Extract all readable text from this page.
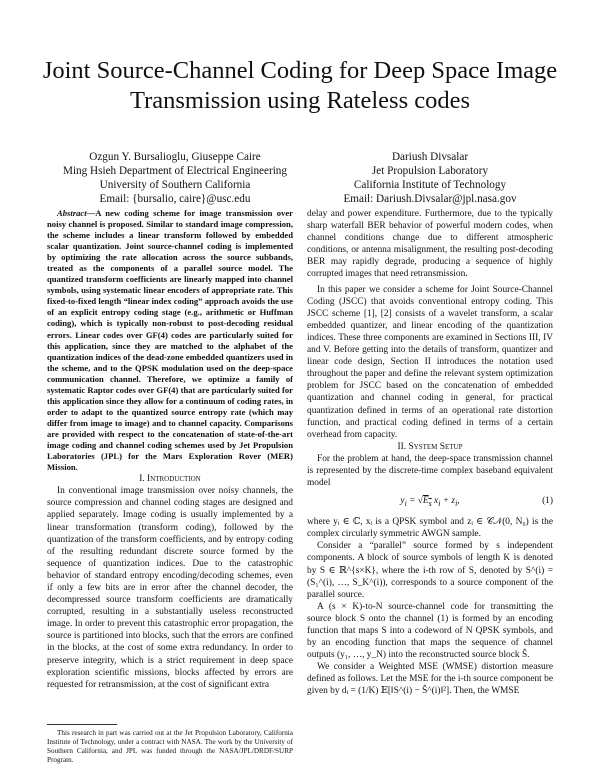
Joint Source-Channel Coding for Deep Space Image Transmission using Rateless codes
Ozgun Y. Bursalioglu, Giuseppe Caire
Ming Hsieh Department of Electrical Engineering
University of Southern California
Email: {bursalio, caire}@usc.edu
Dariush Divsalar
Jet Propulsion Laboratory
California Institute of Technology
Email: Dariush.Divsalar@jpl.nasa.gov

Abstract—A new coding scheme for image transmission over noisy channel is proposed. Similar to standard image compression, the scheme includes a linear transform followed by embedded scalar quantization. Joint source-channel coding is implemented by optimizing the rate allocation across the source subbands, treated as the components of a parallel source model. The quantized transform coefficients are linearly mapped into channel symbols, using systematic linear encoders of appropriate rate. This fixed-to-fixed length “linear index coding” approach avoids the use of an explicit entropy coding stage (e.g., arithmetic or Huffman coding), which is typically non-robust to post-decoding residual errors. Linear codes over GF(4) codes are particularly suited for this application, since they are matched to the alphabet of the quantization indices of the dead-zone embedded quantizers used in the scheme, and to the QPSK modulation used on the deep-space communication channel. Therefore, we optimize a family of systematic Raptor codes over GF(4) that are particularly suited for this application since they allow for a continuum of coding rates, in order to adapt to the quantized source entropy rate (which may differ from image to image) and to channel capacity. Comparisons are provided with respect to the concatenation of state-of-the-art image coding and channel coding schemes used by Jet Propulsion Laboratories (JPL) for the Mars Exploration Rover (MER) Mission.

I. Introduction

In conventional image transmission over noisy channels, the source compression and channel coding stages are designed and applied separately. Image coding is usually implemented by a linear transformation (transform coding), followed by the quantization of the transform coefficients, and by entropy coding of the resulting redundant discrete source formed by the sequence of quantization indices. Due to the catastrophic behavior of standard entropy encoding/decoding schemes, even if only a few bits are in error after the channel decoder, the decompressed source transform coefficients are dramatically corrupted, resulting in a substantially useless reconstructed image. In order to prevent this catastrophic error propagation, the source is partitioned into blocks, such that the errors are confined in the blocks, at the cost of some extra redundancy. In order to preserve integrity, which is a strict requirement in deep space exploration scientific missions, blocks affected by errors are requested for retransmission, at the cost of significant extra

delay and power expenditure. Furthermore, due to the typically sharp waterfall BER behavior of powerful modern codes, when channel conditions change due to different atmospheric conditions, or antenna misalignment, the resulting post-decoding BER may rapidly degrade, producing a sequence of highly corrupted images that need retransmission.

In this paper we consider a scheme for Joint Source-Channel Coding (JSCC) that avoids conventional entropy coding. This JSCC scheme [1], [2] consists of a wavelet transform, a scalar embedded quantizer, and linear encoding of the quantization indices. These three components are examined in Sections III, IV and V. Before getting into the details of transform, quantizer and linear code design, Section II introduces the notation used throughout the paper and define the relevant system optimization problem for JSCC based on the concatenation of embedded quantization and channel coding in general, for practical quantization defined in terms of an operational rate distortion function, and practical coding defined in terms of a certain overhead from capacity.

II. System Setup

For the problem at hand, the deep-space transmission channel is represented by the discrete-time complex baseband equivalent model

$y_i = √E_s$ $x_i + z_i$,	(1)

where yᵢ ∈ ℂ, xᵢ is a QPSK symbol and zᵢ ∈ 𝒞𝒩(0, N₀) is the complex circularly symmetric AWGN sample.

Consider a “parallel” source formed by s independent components. A block of source symbols of length K is denoted by S ∈ ℝ^{s×K}, where the i-th row of S, denoted by S^(i) = (S₁^(i), …, S_K^(i)), corresponds to a source component of the parallel source.

A (s × K)-to-N source-channel code for transmitting the source block S onto the channel (1) is formed by an encoding function that maps S into a codeword of N QPSK symbols, and by an encoding function that maps the sequence of channel outputs (y₁, …, y_N) into the reconstructed source block Ŝ.

We consider a Weighted MSE (WMSE) distortion measure defined as follows. Let the MSE for the i-th source component be given by dᵢ = (1/K) 𝔼[‖S^(i) − Ŝ^(i)‖²]. Then, the WMSE

This research in part was carried out at the Jet Propulsion Laboratory, California Institute of Technology, under a contract with NASA. The work by the University of Southern California, and JPL was funded through the NASA/JPL/DRDF/SURP Program.
